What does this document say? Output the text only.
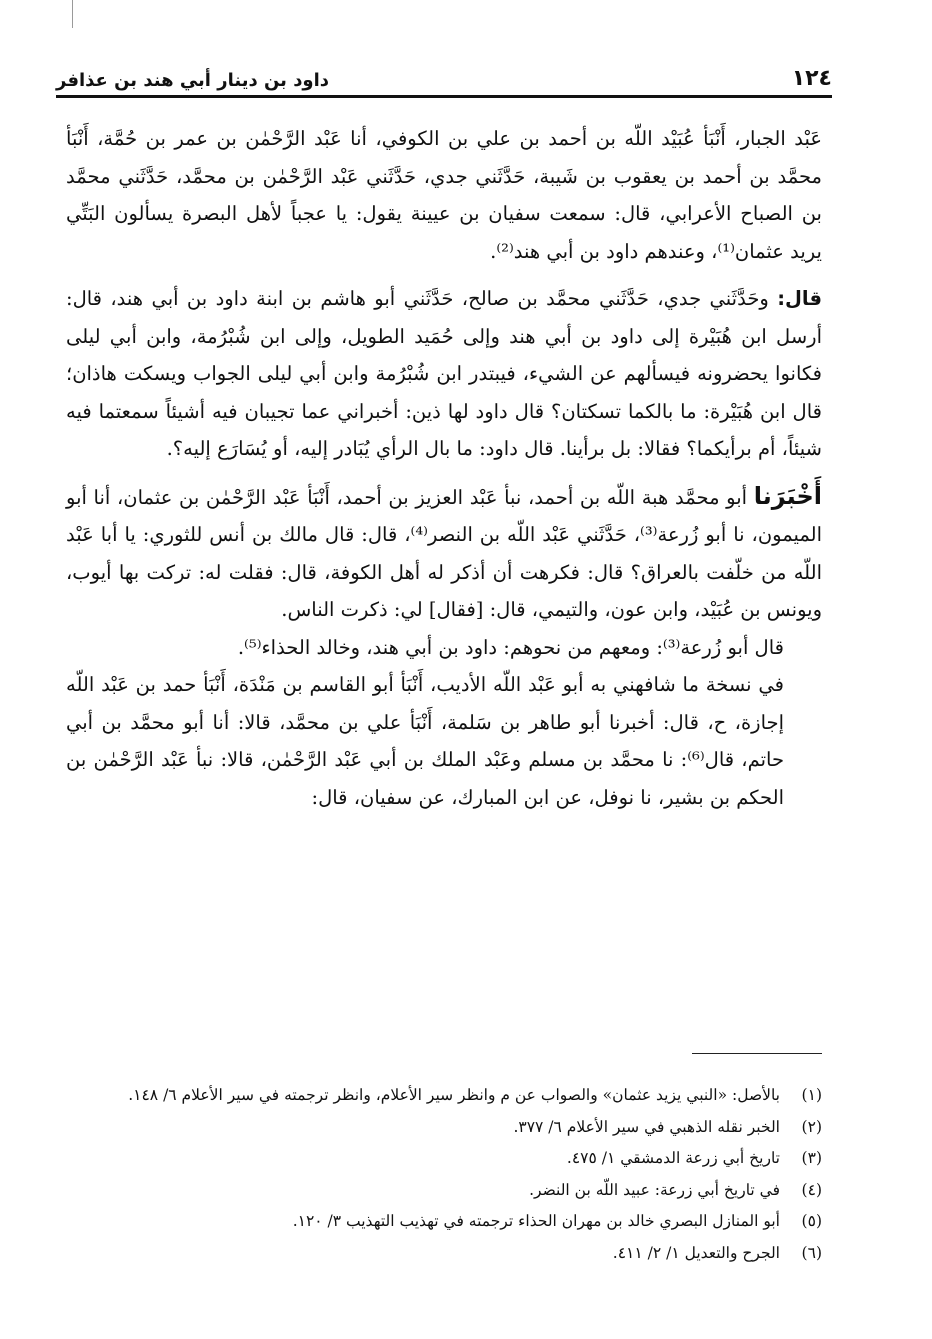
١٢٤
داود بن دينار أبي هند بن عذافر

عَبْد الجبار، أَنْبَأ عُبَيْد اللّه بن أحمد بن علي بن الكوفي، أنا عَبْد الرَّحْمٰن بن عمر بن حُمَّة، أَنْبَأ محمَّد بن أحمد بن يعقوب بن شَيبة، حَدَّثَني جدي، حَدَّثَني عَبْد الرَّحْمٰن بن محمَّد، حَدَّثَني محمَّد بن الصباح الأعرابي، قال: سمعت سفيان بن عيينة يقول: يا عجباً لأهل البصرة يسألون البَتِّي يريد عثمان⁽¹⁾، وعندهم داود بن أبي هند⁽²⁾.

قال: وحَدَّثَني جدي، حَدَّثَني محمَّد بن صالح، حَدَّثَني أبو هاشم بن ابنة داود بن أبي هند، قال: أرسل ابن هُبَيْرة إلى داود بن أبي هند وإلى حُمَيد الطويل، وإلى ابن شُبْرُمة، وابن أبي ليلى فكانوا يحضرونه فيسألهم عن الشيء، فيبتدر ابن شُبْرُمة وابن أبي ليلى الجواب ويسكت هاذان؛ قال ابن هُبَيْرة: ما بالكما تسكتان؟ قال داود لها ذين: أخبراني عما تجيبان فيه أشيئاً سمعتما فيه شيئاً، أم برأيكما؟ فقالا: بل برأينا. قال داود: ما بال الرأي يُبَادر إليه، أو يُسَارَع إليه؟.

أَخْبَرَنا أبو محمَّد هبة اللّه بن أحمد، نبأ عَبْد العزيز بن أحمد، أَنْبَأ عَبْد الرَّحْمٰن بن عثمان، أنا أبو الميمون، نا أبو زُرعة⁽³⁾، حَدَّثَني عَبْد اللّه بن النصر⁽⁴⁾، قال: قال مالك بن أنس للثوري: يا أبا عَبْد اللّه من خلّفت بالعراق؟ قال: فكرهت أن أذكر له أهل الكوفة، قال: فقلت له: تركت بها أيوب، ويونس بن عُبَيْد، وابن عون، والتيمي، قال: [فقال] لي: ذكرت الناس.

قال أبو زُرعة⁽³⁾: ومعهم من نحوهم: داود بن أبي هند، وخالد الحذاء⁽⁵⁾.

في نسخة ما شافهني به أبو عَبْد اللّه الأديب، أَنْبَأ أبو القاسم بن مَنْدَة، أَنْبَأ حمد بن عَبْد اللّه إجازة، ح، قال: أخبرنا أبو طاهر بن سَلمة، أَنْبَأ علي بن محمَّد، قالا: أنا أبو محمَّد بن أبي حاتم، قال⁽⁶⁾: نا محمَّد بن مسلم وعَبْد الملك بن أبي عَبْد الرَّحْمٰن، قالا: نبأ عَبْد الرَّحْمٰن بن الحكم بن بشير، نا نوفل، عن ابن المبارك، عن سفيان، قال:

(١)
بالأصل: «النبي يزيد عثمان» والصواب عن م وانظر سير الأعلام، وانظر ترجمته في سير الأعلام ٦/ ١٤٨.
(٢)
الخبر نقله الذهبي في سير الأعلام ٦/ ٣٧٧.
(٣)
تاريخ أبي زرعة الدمشقي ١/ ٤٧٥.
(٤)
في تاريخ أبي زرعة: عبيد اللّه بن النضر.
(٥)
أبو المنازل البصري خالد بن مهران الحذاء ترجمته في تهذيب التهذيب ٣/ ١٢٠.
(٦)
الجرح والتعديل ١/ ٢/ ٤١١.
